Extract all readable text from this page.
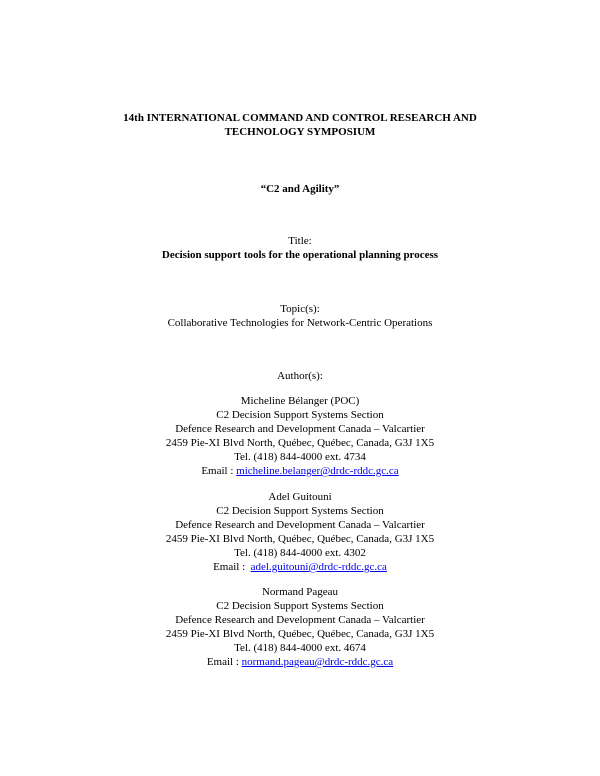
14th INTERNATIONAL COMMAND AND CONTROL RESEARCH AND
TECHNOLOGY SYMPOSIUM
“C2 and Agility”
Title:
Decision support tools for the operational planning process
Topic(s):
Collaborative Technologies for Network-Centric Operations
Author(s):
Micheline Bélanger (POC)
C2 Decision Support Systems Section
Defence Research and Development Canada – Valcartier
2459 Pie-XI Blvd North, Québec, Québec, Canada, G3J 1X5
Tel. (418) 844-4000 ext. 4734
Email : micheline.belanger@drdc-rddc.gc.ca
Adel Guitouni
C2 Decision Support Systems Section
Defence Research and Development Canada – Valcartier
2459 Pie-XI Blvd North, Québec, Québec, Canada, G3J 1X5
Tel. (418) 844-4000 ext. 4302
Email :  adel.guitouni@drdc-rddc.gc.ca
Normand Pageau
C2 Decision Support Systems Section
Defence Research and Development Canada – Valcartier
2459 Pie-XI Blvd North, Québec, Québec, Canada, G3J 1X5
Tel. (418) 844-4000 ext. 4674
Email : normand.pageau@drdc-rddc.gc.ca
